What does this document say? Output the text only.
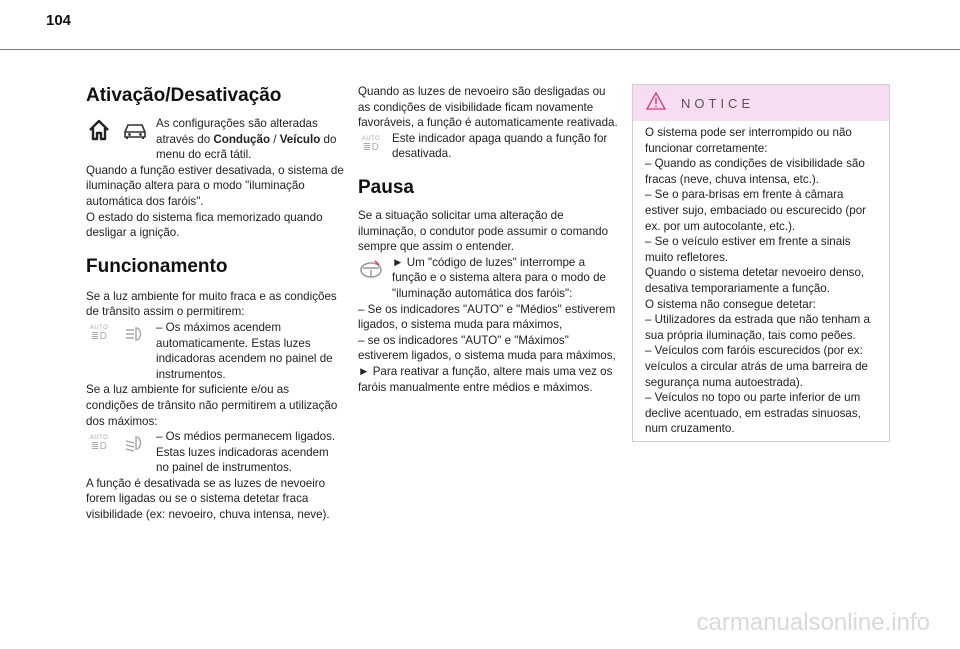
104
Ativação/Desativação

As configurações são alteradas através do Condução / Veículo do menu do ecrã tátil.

Quando a função estiver desativada, o sistema de iluminação altera para o modo "iluminação automática dos faróis".

O estado do sistema fica memorizado quando desligar a ignição.

Funcionamento

Se a luz ambiente for muito fraca e as condições de trânsito assim o permitirem:

AUTO
≣D

– Os máximos acendem automaticamente. Estas luzes indicadoras acendem no painel de instrumentos.

Se a luz ambiente for suficiente e/ou as condições de trânsito não permitirem a utilização dos máximos:

AUTO
≣D

– Os médios permanecem ligados. Estas luzes indicadoras acendem no painel de instrumentos.

A função é desativada se as luzes de nevoeiro forem ligadas ou se o sistema detetar fraca visibilidade (ex: nevoeiro, chuva intensa, neve).

Quando as luzes de nevoeiro são desligadas ou as condições de visibilidade ficam novamente favoráveis, a função é automaticamente reativada.

AUTO
≣D

Este indicador apaga quando a função for desativada.

Pausa

Se a situação solicitar uma alteração de iluminação, o condutor pode assumir o comando sempre que assim o entender.

► Um "código de luzes" interrompe a função e o sistema altera para o modo de "iluminação automática dos faróis":

– Se os indicadores "AUTO" e "Médios" estiverem ligados, o sistema muda para máximos,

– se os indicadores "AUTO" e "Máximos" estiverem ligados, o sistema muda para máximos,

► Para reativar a função, altere mais uma vez os faróis manualmente entre médios e máximos.

NOTICE

O sistema pode ser interrompido ou não funcionar corretamente:

– Quando as condições de visibilidade são fracas (neve, chuva intensa, etc.).

– Se o para-brisas em frente à câmara estiver sujo, embaciado ou escurecido (por ex. por um autocolante, etc.).

– Se o veículo estiver em frente a sinais muito refletores.

Quando o sistema detetar nevoeiro denso, desativa temporariamente a função.

O sistema não consegue detetar:

– Utilizadores da estrada que não tenham a sua própria iluminação, tais como peões.

– Veículos com faróis escurecidos (por ex: veículos a circular atrás de uma barreira de segurança numa autoestrada).

– Veículos no topo ou parte inferior de um declive acentuado, em estradas sinuosas, num cruzamento.

carmanualsonline.info
